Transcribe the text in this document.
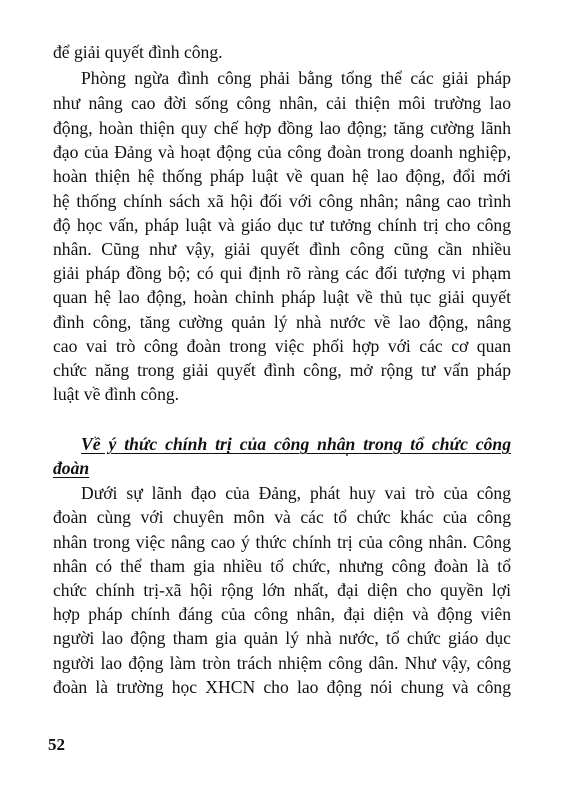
để giải quyết đình công.
Phòng ngừa đình công phải bằng tổng thể các giải pháp
như nâng cao đời sống công nhân, cải thiện môi trường lao
động, hoàn thiện quy chế hợp đồng lao động; tăng cường lãnh
đạo của Đảng và hoạt động của công đoàn trong doanh nghiệp,
hoàn thiện hệ thống pháp luật về quan hệ lao động, đổi mới
hệ thống chính sách xã hội đối với công nhân; nâng cao trình
độ học vấn, pháp luật và giáo dục tư tưởng chính trị cho công
nhân. Cũng như vậy, giải quyết đình công cũng cần nhiều
giải pháp đồng bộ; có qui định rõ ràng các đối tượng vi phạm
quan hệ lao động, hoàn chỉnh pháp luật về thủ tục giải quyết
đình công, tăng cường quản lý nhà nước về lao động, nâng
cao vai trò công đoàn trong việc phối hợp với các cơ quan
chức năng trong giải quyết đình công, mở rộng tư vấn pháp
luật về đình công.
Về ý thức chính trị của công nhân trong tổ chức công
đoàn
Dưới sự lãnh đạo của Đảng, phát huy vai trò của công
đoàn cùng với chuyên môn và các tổ chức khác của công
nhân trong việc nâng cao ý thức chính trị của công nhân. Công
nhân có thể tham gia nhiều tổ chức, nhưng công đoàn là tổ
chức chính trị-xã hội rộng lớn nhất, đại diện cho quyền lợi
hợp pháp chính đáng của công nhân, đại diện và động viên
người lao động tham gia quản lý nhà nước, tổ chức giáo dục
người lao động làm tròn trách nhiệm công dân. Như vậy, công
đoàn là trường học XHCN cho lao động nói chung và công
52
